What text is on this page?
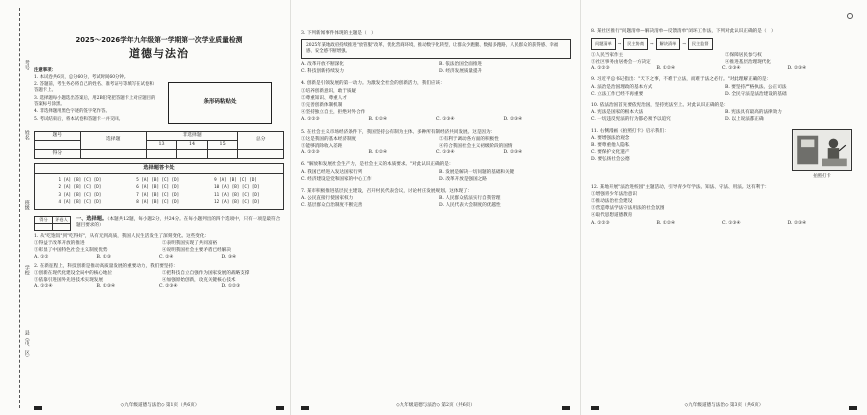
考号
姓名
班级
学校
县（市、区）
2025～2026学年九年级第一学期第一次学业质量检测
道德与法治
注意事项：
1. 本试卷共6页，总分60分，考试时间60分钟。
2. 答题前，考生务必将自己的姓名、准考证号等填写在试卷和答题卡上。
3. 选择题每小题选出答案后，用2B铅笔把答题卡上对应题目的答案标号涂黑。
4. 非选择题用黑色字迹的签字笔作答。
5. 考试结束后，将本试卷和答题卡一并交回。
条形码粘贴处
题号	选择题	非选择题			总分
		13	14	15	
得分					
选择题答卡处
1 [A] [B] [C] [D]
2 [A] [B] [C] [D]
3 [A] [B] [C] [D]
4 [A] [B] [C] [D]
5 [A] [B] [C] [D]
6 [A] [B] [C] [D]
7 [A] [B] [C] [D]
8 [A] [B] [C] [D]
9 [A] [B] [C] [D]
10 [A] [B] [C] [D]
11 [A] [B] [C] [D]
12 [A] [B] [C] [D]
得分	评卷人
	一、选择题。（本题共12题，每小题2分，共24分。在每小题列出的四个选项中，只有一项是最符合题目要求的）
1. 从"吃饱饭"到"吃得好"，从有无到高质，我国人民生活发生了深刻变化。这些变化：
①得益于改革开放的推进	②表明我国实现了共同富裕
③彰显了中国特色社会主义制度优势	④说明我国社会主要矛盾已经解决
A. ①②	B. ①③	C. ②④	D. ③④
2. 在新征程上，科技创新是推动高质量发展的重要动力，我们要坚持：
①创新在现代化建设全局中的核心地位	②把科技自立自强作为国家发展的战略支撑
③依靠引进国外先进技术实现发展	④加强原始创新，攻克关键核心技术
A. ①②④	B. ①③④	C. ②③④	D. ①②③
◇九年级道德与法治◇ 第1页（共6页）
3. 下列新闻事件体现的主题是（　）
2025年某地政府持续推进"放管服"改革，优化营商环境，推动数字化转型，让群众少跑腿、数据多跑路，人民群众的获得感、幸福感、安全感不断增强。
A. 改革开放不断深化	B. 依法治国全面推进
C. 科技创新持续发力	D. 经济发展质量提升
4. 创新是引领发展的第一动力。为激发全社会的创新活力，我们应该：
①培养创新意识，敢于质疑
②尊重知识、尊重人才
③完善创新体制机制
④坚持独立自主，拒绝对外合作
A. ①②③	B. ①②④	C. ①③④	D. ②③④
5. 在社会主义市场经济条件下，我国坚持公有制为主体、多种所有制经济共同发展。这是因为：
①这是我国的基本经济制度	②有利于调动各方面的积极性
③能够消除收入差距	④符合我国社会主义初级阶段的国情
A. ①②③	B. ①②④	C. ①③④	D. ②③④
6. "解放和发展社会生产力，是社会主义的本质要求。"对此认识正确的是：
A. 我国已经进入发达国家行列	B. 发展是解决一切问题的基础和关键
C. 经济建设是党和国家的中心工作	D. 改革开放是强国之路
7. 某市积极推进基层民主建设，召开村民代表会议，讨论村庄发展规划。这体现了：
A. 公民直接行使国家权力	B. 人民群众依法实行自我管理
C. 基层群众自治制度不断完善	D. 人民代表大会制度的优越性
◇九年级道德与法治◇ 第2页（共6页）
8. 某社区推行"问题清单—解决清单—反馈清单"闭环工作法，下列对此认识正确的是（　）
问题清单	→	民主协商	→	解决清单	→	民主监督
①人民当家作主	②保障居民参与权
③社区事务由居委会一方决定	④推进基层治理现代化
A. ①②③	B. ①②④	C. ①③④	D. ②③④
9. 习近平总书记指出："天下之事，不难于立法，而难于法之必行。"对此理解正确的是：
A. 法治是治国理政的基本方式	B. 要坚持严格执法、公正司法
C. 立法工作已经不再重要	D. 全民守法是法治建设的基础
10. 依法治国首先要依宪治国，坚持宪法至上。对此认识正确的是：
A. 宪法是国家的根本大法	B. 宪法具有最高的法律效力
C. 一切违反宪法的行为都必须予以追究	D. 以上说法都正确
11. 右侧漫画《拍照打卡》启示我们：
A. 要增强法治观念
B. 要尊重他人隐私
C. 要保护文化遗产
D. 要弘扬社会公德
拍照打卡
12. 某地开展"法治进校园"主题活动，引导青少年学法、知法、守法、用法。这有利于：
①增强青少年法治意识
②推动法治社会建设
③营造尊法学法守法用法的社会氛围
④取代思想道德教育
A. ①②③	B. ①②④	C. ①③④	D. ②③④
◇九年级道德与法治◇ 第3页（共6页）
